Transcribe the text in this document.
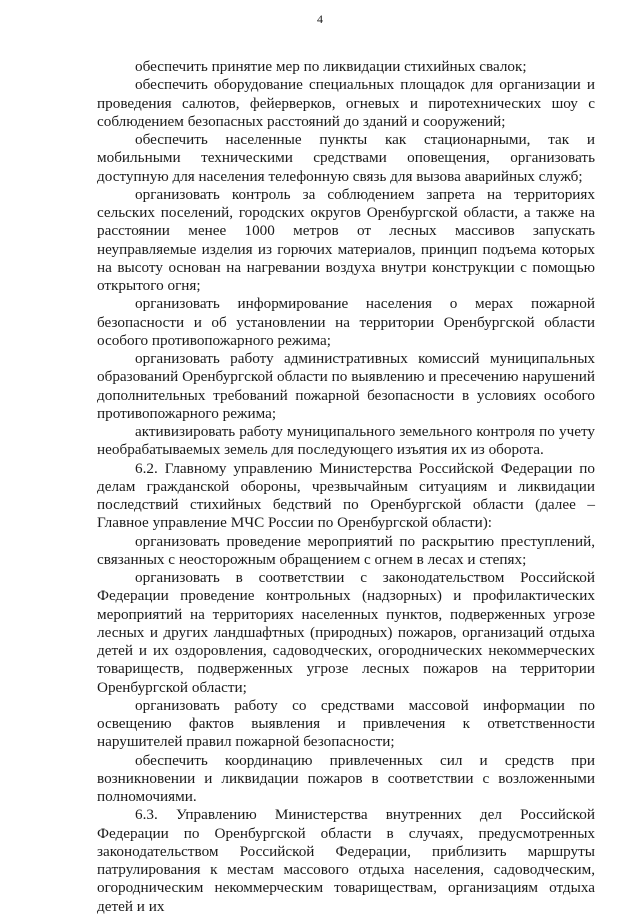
4

обеспечить принятие мер по ликвидации стихийных свалок;

обеспечить оборудование специальных площадок для организации и проведения салютов, фейерверков, огневых и пиротехнических шоу с соблюдением безопасных расстояний до зданий и сооружений;

обеспечить населенные пункты как стационарными, так и мобильными техническими средствами оповещения, организовать доступную для населения телефонную связь для вызова аварийных служб;

организовать контроль за соблюдением запрета на территориях сельских поселений, городских округов Оренбургской области, а также на расстоянии менее 1000 метров от лесных массивов запускать неуправляемые изделия из горючих материалов, принцип подъема которых на высоту основан на нагревании воздуха внутри конструкции с помощью открытого огня;

организовать информирование населения о мерах пожарной безопасности и об установлении на территории Оренбургской области особого противопожарного режима;

организовать работу административных комиссий муниципальных образований Оренбургской области по выявлению и пресечению нарушений дополнительных требований пожарной безопасности в условиях особого противопожарного режима;

активизировать работу муниципального земельного контроля по учету необрабатываемых земель для последующего изъятия их из оборота.

6.2. Главному управлению Министерства Российской Федерации по делам гражданской обороны, чрезвычайным ситуациям и ликвидации последствий стихийных бедствий по Оренбургской области (далее – Главное управление МЧС России по Оренбургской области):

организовать проведение мероприятий по раскрытию преступлений, связанных с неосторожным обращением с огнем в лесах и степях;

организовать в соответствии с законодательством Российской Федерации проведение контрольных (надзорных) и профилактических мероприятий на территориях населенных пунктов, подверженных угрозе лесных и других ландшафтных (природных) пожаров, организаций отдыха детей и их оздоровления, садоводческих, огороднических некоммерческих товариществ, подверженных угрозе лесных пожаров на территории Оренбургской области;

организовать работу со средствами массовой информации по освещению фактов выявления и привлечения к ответственности нарушителей правил пожарной безопасности;

обеспечить координацию привлеченных сил и средств при возникновении и ликвидации пожаров в соответствии с возложенными полномочиями.

6.3. Управлению Министерства внутренних дел Российской Федерации по Оренбургской области в случаях, предусмотренных законодательством Российской Федерации, приблизить маршруты патрулирования к местам массового отдыха населения, садоводческим, огородническим некоммерческим товариществам, организациям отдыха детей и их
